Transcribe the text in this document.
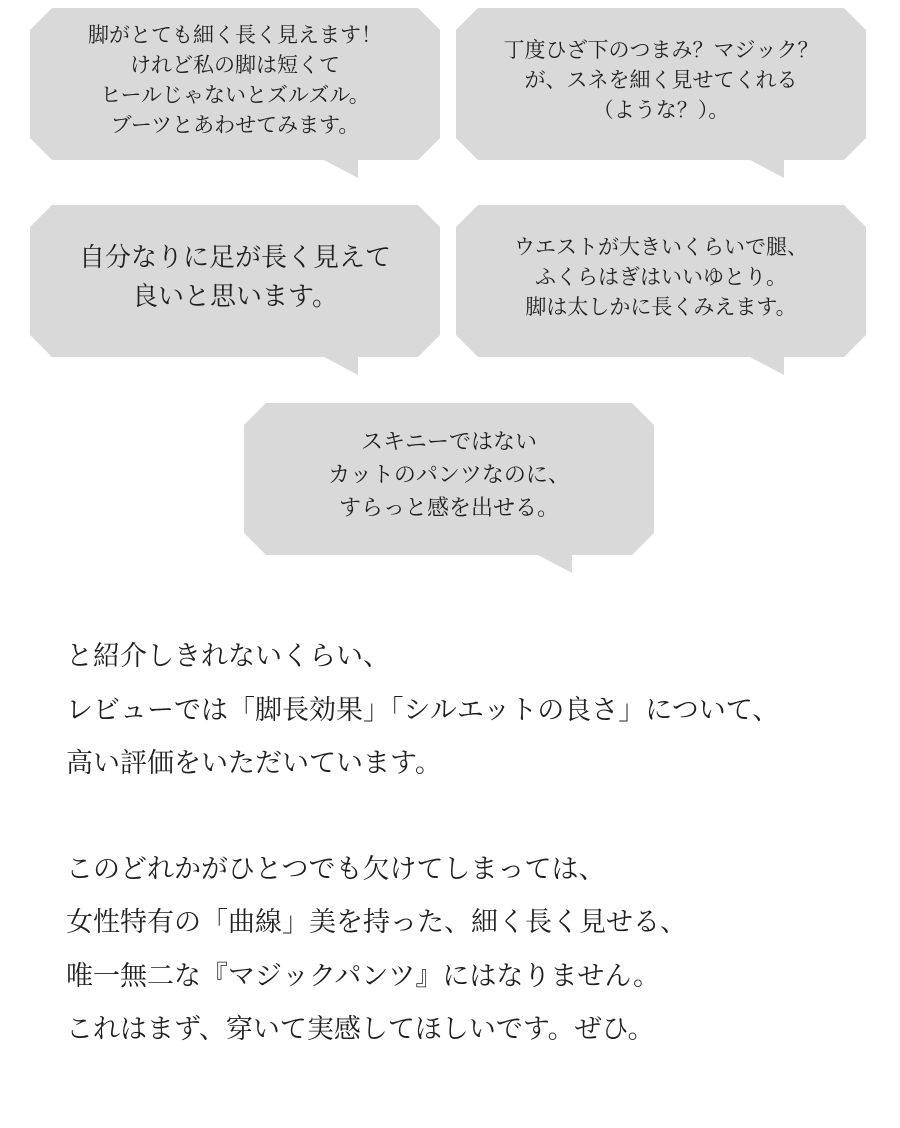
脚がとても細く長く見えます！
けれど私の脚は短くて
ヒールじゃないとズルズル。
ブーツとあわせてみます。
丁度ひざ下のつまみ？マジック？
が、スネを細く見せてくれる
（ような？）。
自分なりに足が長く見えて
良いと思います。
ウエストが大きいくらいで腿、
ふくらはぎはいいゆとり。
脚は太しかに長くみえます。
スキニーではない
カットのパンツなのに、
すらっと感を出せる。
と紹介しきれないくらい、
レビューでは「脚長効果」「シルエットの良さ」について、
高い評価をいただいています。
このどれかがひとつでも欠けてしまっては、
女性特有の「曲線」美を持った、細く長く見せる、
唯一無二な『マジックパンツ』にはなりません。
これはまず、穿いて実感してほしいです。ぜひ。
